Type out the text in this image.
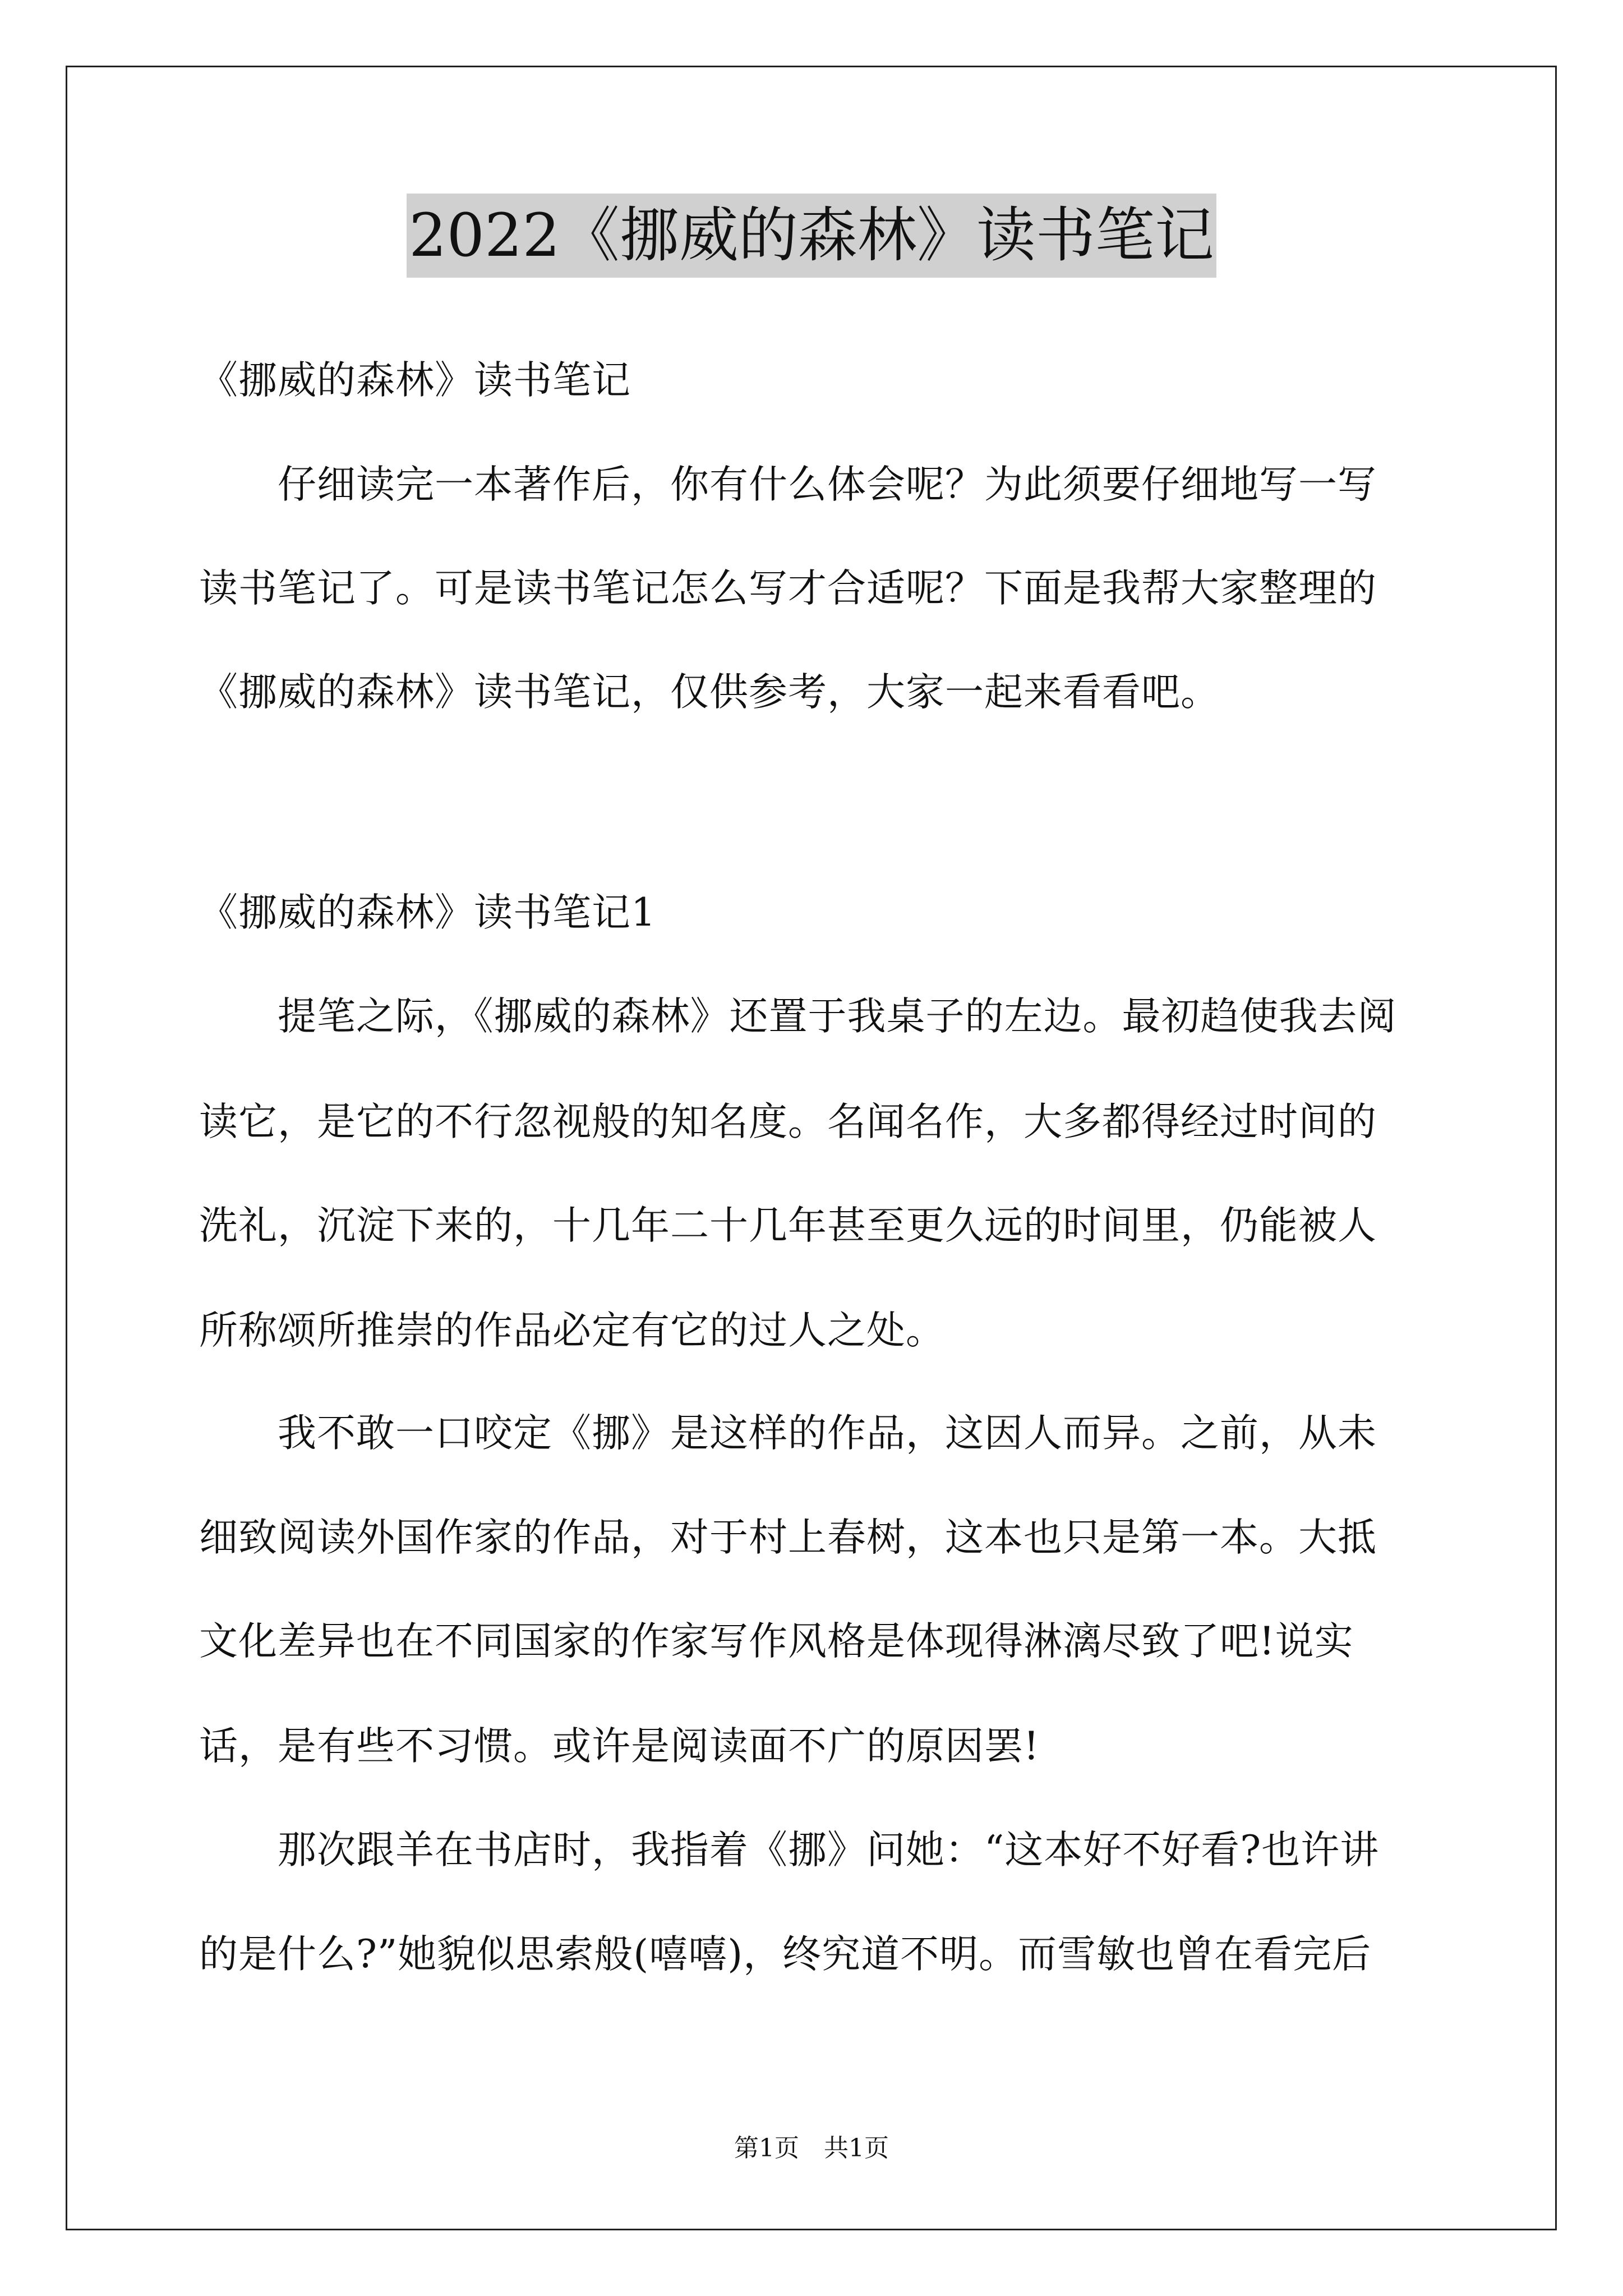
2022《挪威的森林》读书笔记
《挪威的森林》读书笔记
　　仔细读完一本著作后，你有什么体会呢？为此须要仔细地写一写
读书笔记了。可是读书笔记怎么写才合适呢？下面是我帮大家整理的
《挪威的森林》读书笔记，仅供参考，大家一起来看看吧。
《挪威的森林》读书笔记1
　　提笔之际，《挪威的森林》还置于我桌子的左边。最初趋使我去阅
读它，是它的不行忽视般的知名度。名闻名作，大多都得经过时间的
洗礼，沉淀下来的，十几年二十几年甚至更久远的时间里，仍能被人
所称颂所推崇的作品必定有它的过人之处。
　　我不敢一口咬定《挪》是这样的作品，这因人而异。之前，从未
细致阅读外国作家的作品，对于村上春树，这本也只是第一本。大抵
文化差异也在不同国家的作家写作风格是体现得淋漓尽致了吧!说实
话，是有些不习惯。或许是阅读面不广的原因罢!
　　那次跟羊在书店时，我指着《挪》问她：“这本好不好看?也许讲
的是什么?”她貌似思索般(嘻嘻)，终究道不明。而雪敏也曾在看完后
第1页　共1页
